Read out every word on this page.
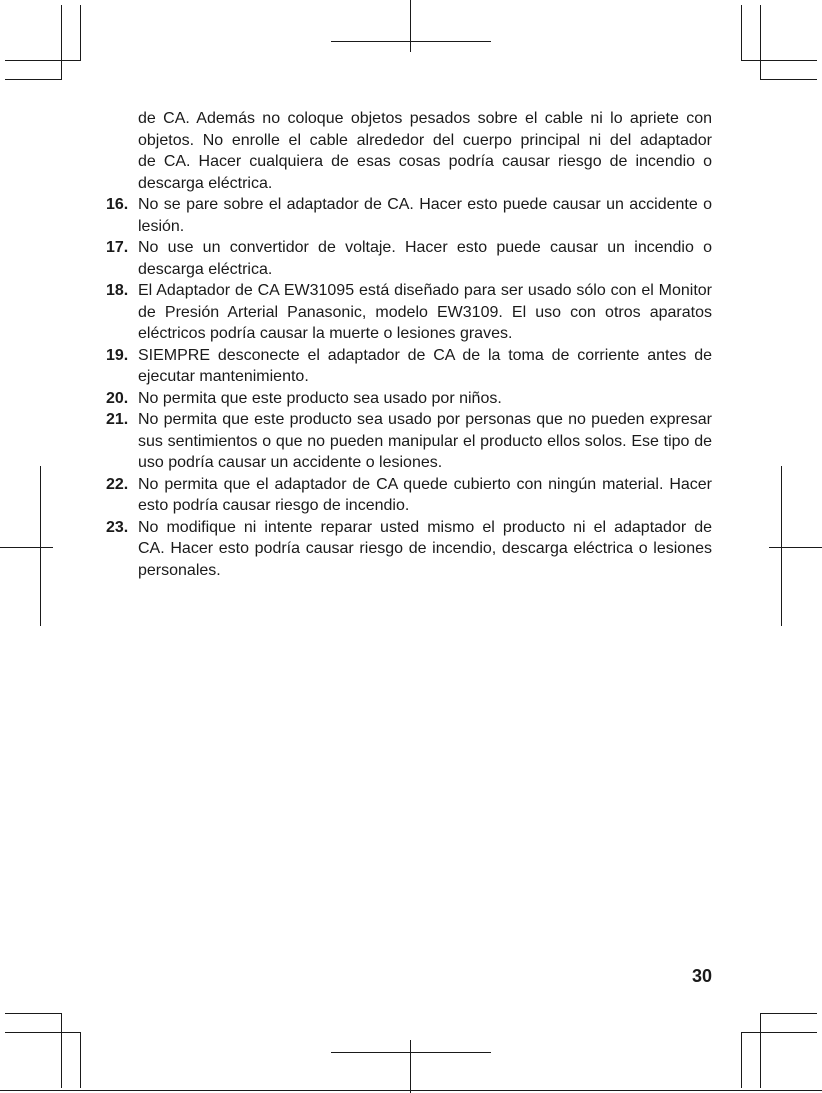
de CA. Además no coloque objetos pesados sobre el cable ni lo apriete con
objetos. No enrolle el cable alrededor del cuerpo principal ni del adaptador
de CA. Hacer cualquiera de esas cosas podría causar riesgo de incendio o
descarga eléctrica.
16. No se pare sobre el adaptador de CA. Hacer esto puede causar un accidente o
lesión.
17. No use un convertidor de voltaje. Hacer esto puede causar un incendio o
descarga eléctrica.
18. El Adaptador de CA EW31095 está diseñado para ser usado sólo con el Monitor
de Presión Arterial Panasonic, modelo EW3109. El uso con otros aparatos
eléctricos podría causar la muerte o lesiones graves.
19. SIEMPRE desconecte el adaptador de CA de la toma de corriente antes de
ejecutar mantenimiento.
20. No permita que este producto sea usado por niños.
21. No permita que este producto sea usado por personas que no pueden expresar
sus sentimientos o que no pueden manipular el producto ellos solos. Ese tipo de
uso podría causar un accidente o lesiones.
22. No permita que el adaptador de CA quede cubierto con ningún material. Hacer
esto podría causar riesgo de incendio.
23. No modifique ni intente reparar usted mismo el producto ni el adaptador de
CA. Hacer esto podría causar riesgo de incendio, descarga eléctrica o lesiones
personales.
30
